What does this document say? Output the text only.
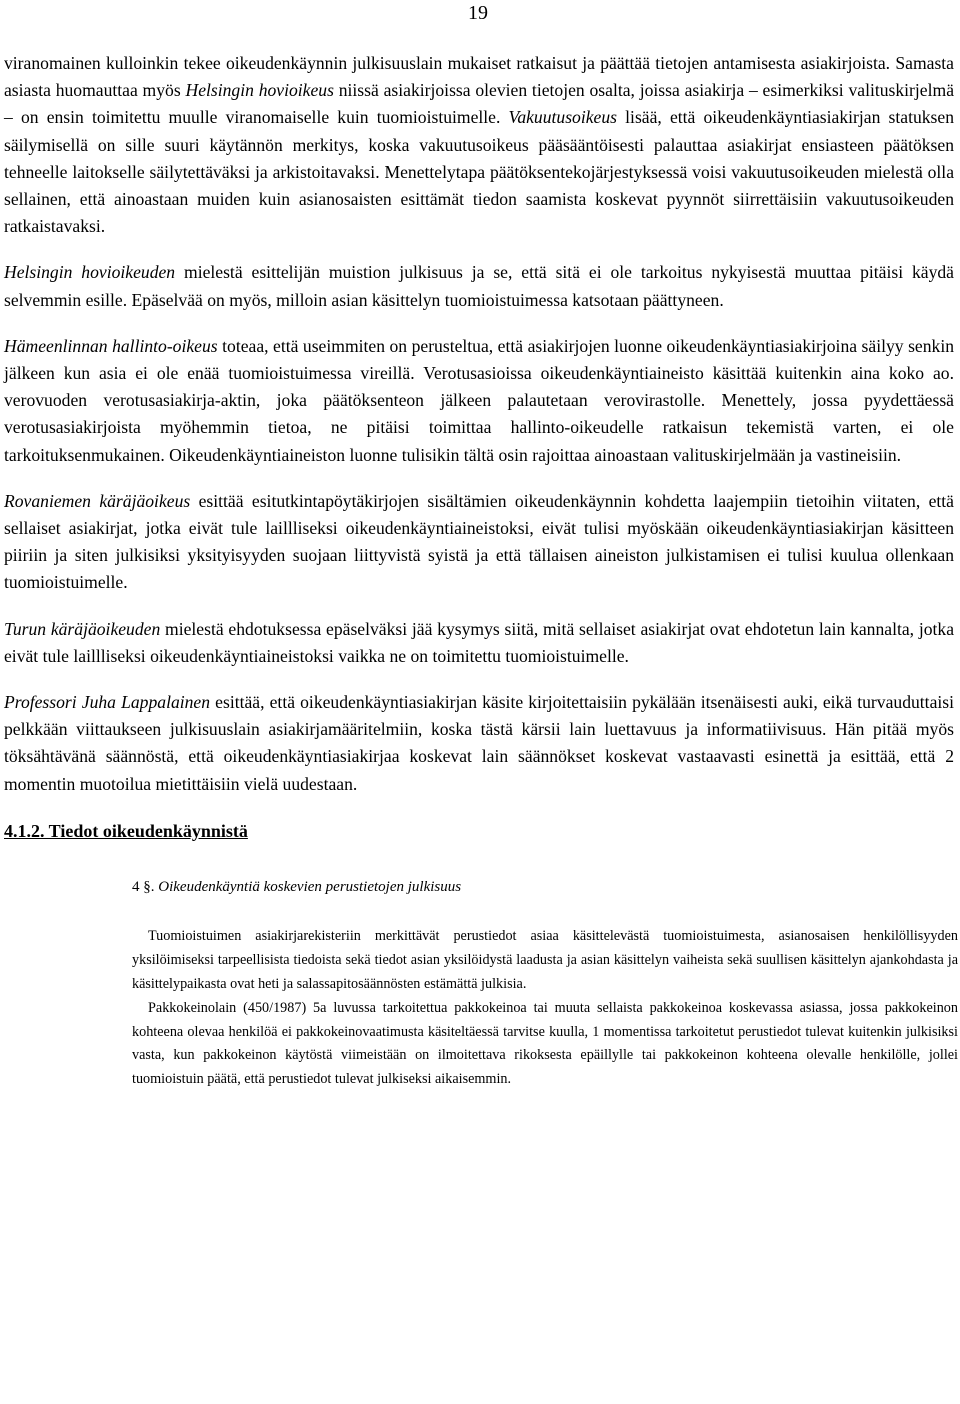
19

viranomainen kulloinkin tekee oikeudenkäynnin julkisuuslain mukaiset ratkaisut ja päättää tietojen antamisesta asiakirjoista. Samasta asiasta huomauttaa myös Helsingin hovioikeus niissä asiakirjoissa olevien tietojen osalta, joissa asiakirja – esimerkiksi valituskirjelmä – on ensin toimitettu muulle viranomaiselle kuin tuomioistuimelle. Vakuutusoikeus lisää, että oikeudenkäyntiasiakirjan statuksen säilymisellä on sille suuri käytännön merkitys, koska vakuutusoikeus pääsääntöisesti palauttaa asiakirjat ensiasteen päätöksen tehneelle laitokselle säilytettäväksi ja arkistoitavaksi. Menettelytapa päätöksentekojärjestyksessä voisi vakuutusoikeuden mielestä olla sellainen, että ainoastaan muiden kuin asianosaisten esittämät tiedon saamista koskevat pyynnöt siirrettäisiin vakuutusoikeuden ratkaistavaksi.

Helsingin hovioikeuden mielestä esittelijän muistion julkisuus ja se, että sitä ei ole tarkoitus nykyisestä muuttaa pitäisi käydä selvemmin esille. Epäselvää on myös, milloin asian käsittelyn tuomioistuimessa katsotaan päättyneen.

Hämeenlinnan hallinto-oikeus toteaa, että useimmiten on perusteltua, että asiakirjojen luonne oikeudenkäyntiasiakirjoina säilyy senkin jälkeen kun asia ei ole enää tuomioistuimessa vireillä. Verotusasioissa oikeudenkäyntiaineisto käsittää kuitenkin aina koko ao. verovuoden verotusasiakirja-aktin, joka päätöksenteon jälkeen palautetaan verovirastolle. Menettely, jossa pyydettäessä verotusasiakirjoista myöhemmin tietoa, ne pitäisi toimittaa hallinto-oikeudelle ratkaisun tekemistä varten, ei ole tarkoituksenmukainen. Oikeudenkäyntiaineiston luonne tulisikin tältä osin rajoittaa ainoastaan valituskirjelmään ja vastineisiin.

Rovaniemen käräjäoikeus esittää esitutkintapöytäkirjojen sisältämien oikeudenkäynnin kohdetta laajempiin tietoihin viitaten, että sellaiset asiakirjat, jotka eivät tule laillliseksi oikeudenkäyntiaineistoksi, eivät tulisi myöskään oikeudenkäyntiasiakirjan käsitteen piiriin ja siten julkisiksi yksityisyyden suojaan liittyvistä syistä ja että tällaisen aineiston julkistamisen ei tulisi kuulua ollenkaan tuomioistuimelle.

Turun käräjäoikeuden mielestä ehdotuksessa epäselväksi jää kysymys siitä, mitä sellaiset asiakirjat ovat ehdotetun lain kannalta, jotka eivät tule laillliseksi oikeudenkäyntiaineistoksi vaikka ne on toimitettu tuomioistuimelle.

Professori Juha Lappalainen esittää, että oikeudenkäyntiasiakirjan käsite kirjoitettaisiin pykälään itsenäisesti auki, eikä turvauduttaisi pelkkään viittaukseen julkisuuslain asiakirjamääritelmiin, koska tästä kärsii lain luettavuus ja informatiivisuus. Hän pitää myös töksähtävänä säännöstä, että oikeudenkäyntiasiakirjaa koskevat lain säännökset koskevat vastaavasti esinettä ja esittää, että 2 momentin muotoilua mietittäisiin vielä uudestaan.

4.1.2. Tiedot oikeudenkäynnistä
4 §. Oikeudenkäyntiä koskevien perustietojen julkisuus

Tuomioistuimen asiakirjarekisteriin merkittävät perustiedot asiaa käsittelevästä tuomioistuimesta, asianosaisen henkilöllisyyden yksilöimiseksi tarpeellisista tiedoista sekä tiedot asian yksilöidystä laadusta ja asian käsittelyn vaiheista sekä suullisen käsittelyn ajankohdasta ja käsittelypaikasta ovat heti ja salassapitosäännösten estämättä julkisia.

Pakkokeinolain (450/1987) 5a luvussa tarkoitettua pakkokeinoa tai muuta sellaista pakkokeinoa koskevassa asiassa, jossa pakkokeinon kohteena olevaa henkilöä ei pakkokeinovaatimusta käsiteltäessä tarvitse kuulla, 1 momentissa tarkoitetut perustiedot tulevat kuitenkin julkisiksi vasta, kun pakkokeinon käytöstä viimeistään on ilmoitettava rikoksesta epäillylle tai pakkokeinon kohteena olevalle henkilölle, jollei tuomioistuin päätä, että perustiedot tulevat julkiseksi aikaisemmin.
